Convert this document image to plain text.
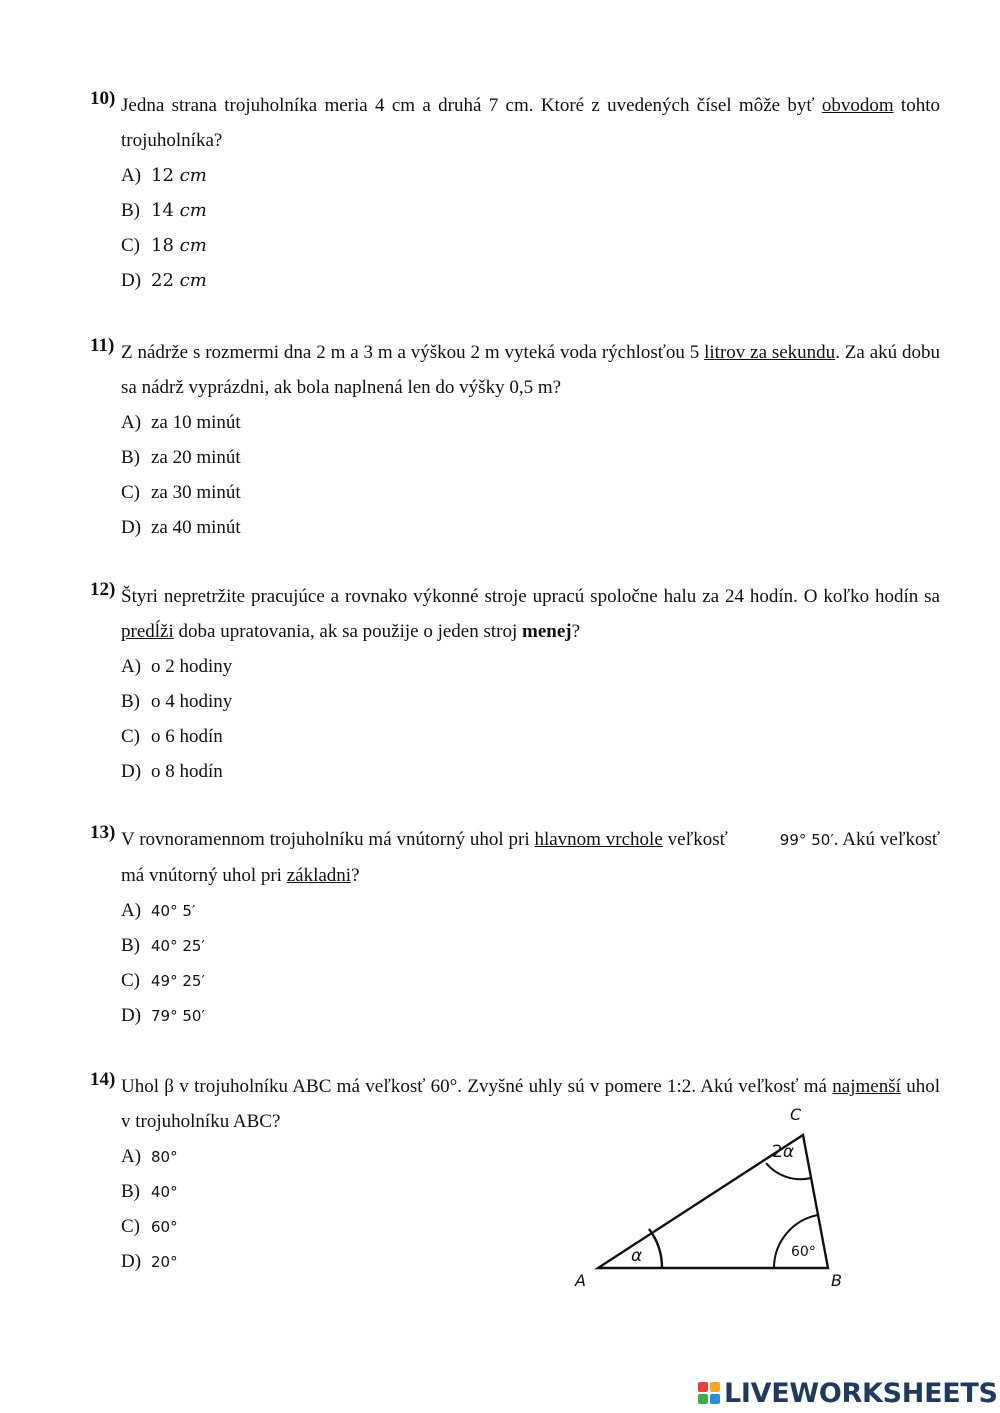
10) Jedna strana trojuholníka meria 4 cm a druhá 7 cm. Ktoré z uvedených čísel môže byť obvodom tohto trojuholníka?
A) 12 cm
B) 14 cm
C) 18 cm
D) 22 cm
11) Z nádrže s rozmermi dna 2 m a 3 m a výškou 2 m vyteká voda rýchlosťou 5 litrov za sekundu. Za akú dobu sa nádrž vyprázdni, ak bola naplnená len do výšky 0,5 m?
A) za 10 minút
B) za 20 minút
C) za 30 minút
D) za 40 minút
12) Štyri nepretržite pracujúce a rovnako výkonné stroje upracú spoločne halu za 24 hodín. O koľko hodín sa predĺži doba upratovania, ak sa použije o jeden stroj menej?
A) o 2 hodiny
B) o 4 hodiny
C) o 6 hodín
D) o 8 hodín
13) V rovnoramennom trojuholníku má vnútorný uhol pri hlavnom vrchole veľkosť	99° 50′. Akú veľkosť má vnútorný uhol pri základni?
A) 40° 5′
B) 40° 25′
C) 49° 25′
D) 79° 50′
14) Uhol β v trojuholníku ABC má veľkosť 60°. Zvyšné uhly sú v pomere 1:2. Akú veľkosť má najmenší uhol v trojuholníku ABC?
A) 80°
B) 40°
C) 60°
D) 20°
A	B
C
α	60°
2α
LIVEWORKSHEETS
